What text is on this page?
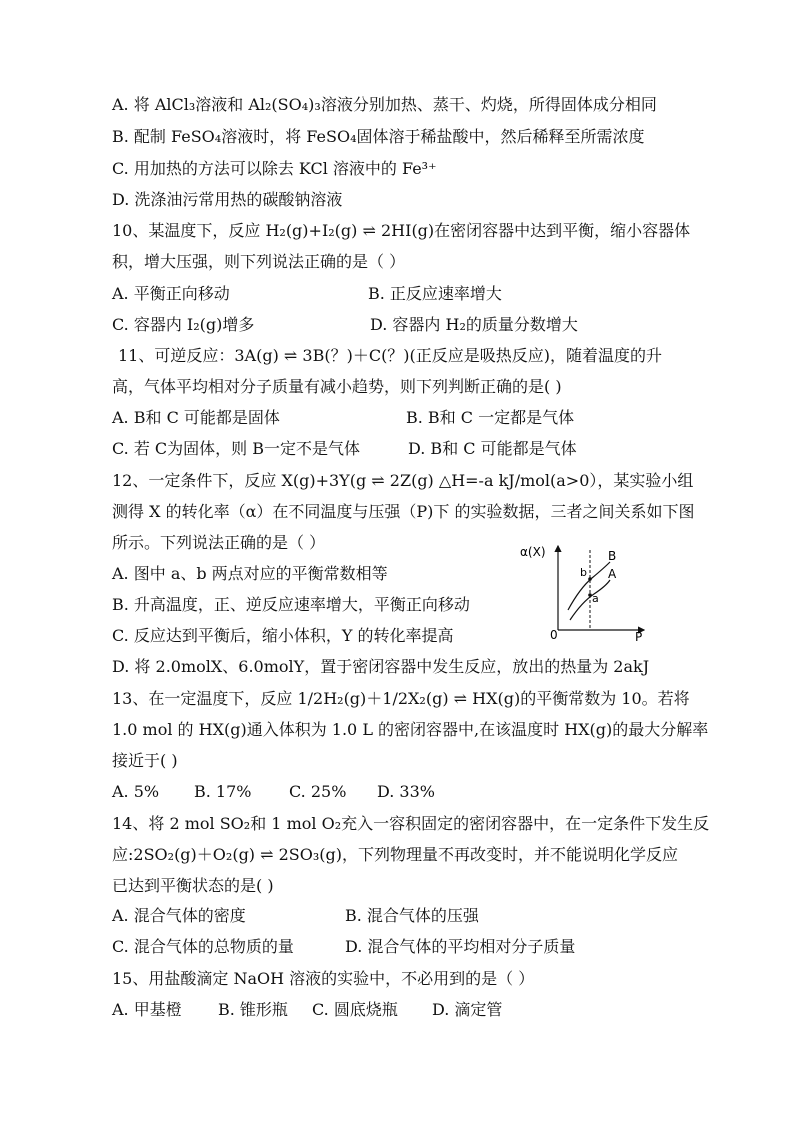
A. 将 AlCl₃溶液和 Al₂(SO₄)₃溶液分别加热、蒸干、灼烧，所得固体成分相同
B. 配制 FeSO₄溶液时，将 FeSO₄固体溶于稀盐酸中，然后稀释至所需浓度
C. 用加热的方法可以除去 KCl 溶液中的 Fe³⁺
D. 洗涤油污常用热的碳酸钠溶液
10、某温度下，反应 H₂(g)+I₂(g) ⇌ 2HI(g)在密闭容器中达到平衡，缩小容器体
积，增大压强，则下列说法正确的是（ ）
A. 平衡正向移动	B. 正反应速率增大
C. 容器内 I₂(g)增多	D. 容器内 H₂的质量分数增大
11、可逆反应：3A(g) ⇌ 3B(？)＋C(？)(正反应是吸热反应)，随着温度的升
高，气体平均相对分子质量有减小趋势，则下列判断正确的是( )
A. B和 C 可能都是固体	B. B和 C 一定都是气体
C. 若 C为固体，则 B一定不是气体	D. B和 C 可能都是气体
12、一定条件下，反应 X(g)+3Y(g ⇌ 2Z(g) △H=-a kJ/mol(a>0），某实验小组
测得 X 的转化率（α）在不同温度与压强（P)下 的实验数据，三者之间关系如下图
所示。下列说法正确的是（ ）
A. 图中 a、b 两点对应的平衡常数相等
B. 升高温度，正、逆反应速率增大，平衡正向移动
C. 反应达到平衡后，缩小体积，Y 的转化率提高
D. 将 2.0molX、6.0molY，置于密闭容器中发生反应，放出的热量为 2akJ
α(X)
P
0
B
A
b
a
13、在一定温度下，反应 1/2H₂(g)＋1/2X₂(g) ⇌ HX(g)的平衡常数为 10。若将
1.0 mol 的 HX(g)通入体积为 1.0 L 的密闭容器中,在该温度时 HX(g)的最大分解率
接近于( )
A. 5% B. 17% C. 25% D. 33%
14、将 2 mol SO₂和 1 mol O₂充入一容积固定的密闭容器中，在一定条件下发生反
应:2SO₂(g)＋O₂(g) ⇌ 2SO₃(g)，下列物理量不再改变时，并不能说明化学反应
已达到平衡状态的是( )
A. 混合气体的密度	B. 混合气体的压强
C. 混合气体的总物质的量	D. 混合气体的平均相对分子质量
15、用盐酸滴定 NaOH 溶液的实验中，不必用到的是（ ）
A. 甲基橙 B. 锥形瓶 C. 圆底烧瓶 D. 滴定管
